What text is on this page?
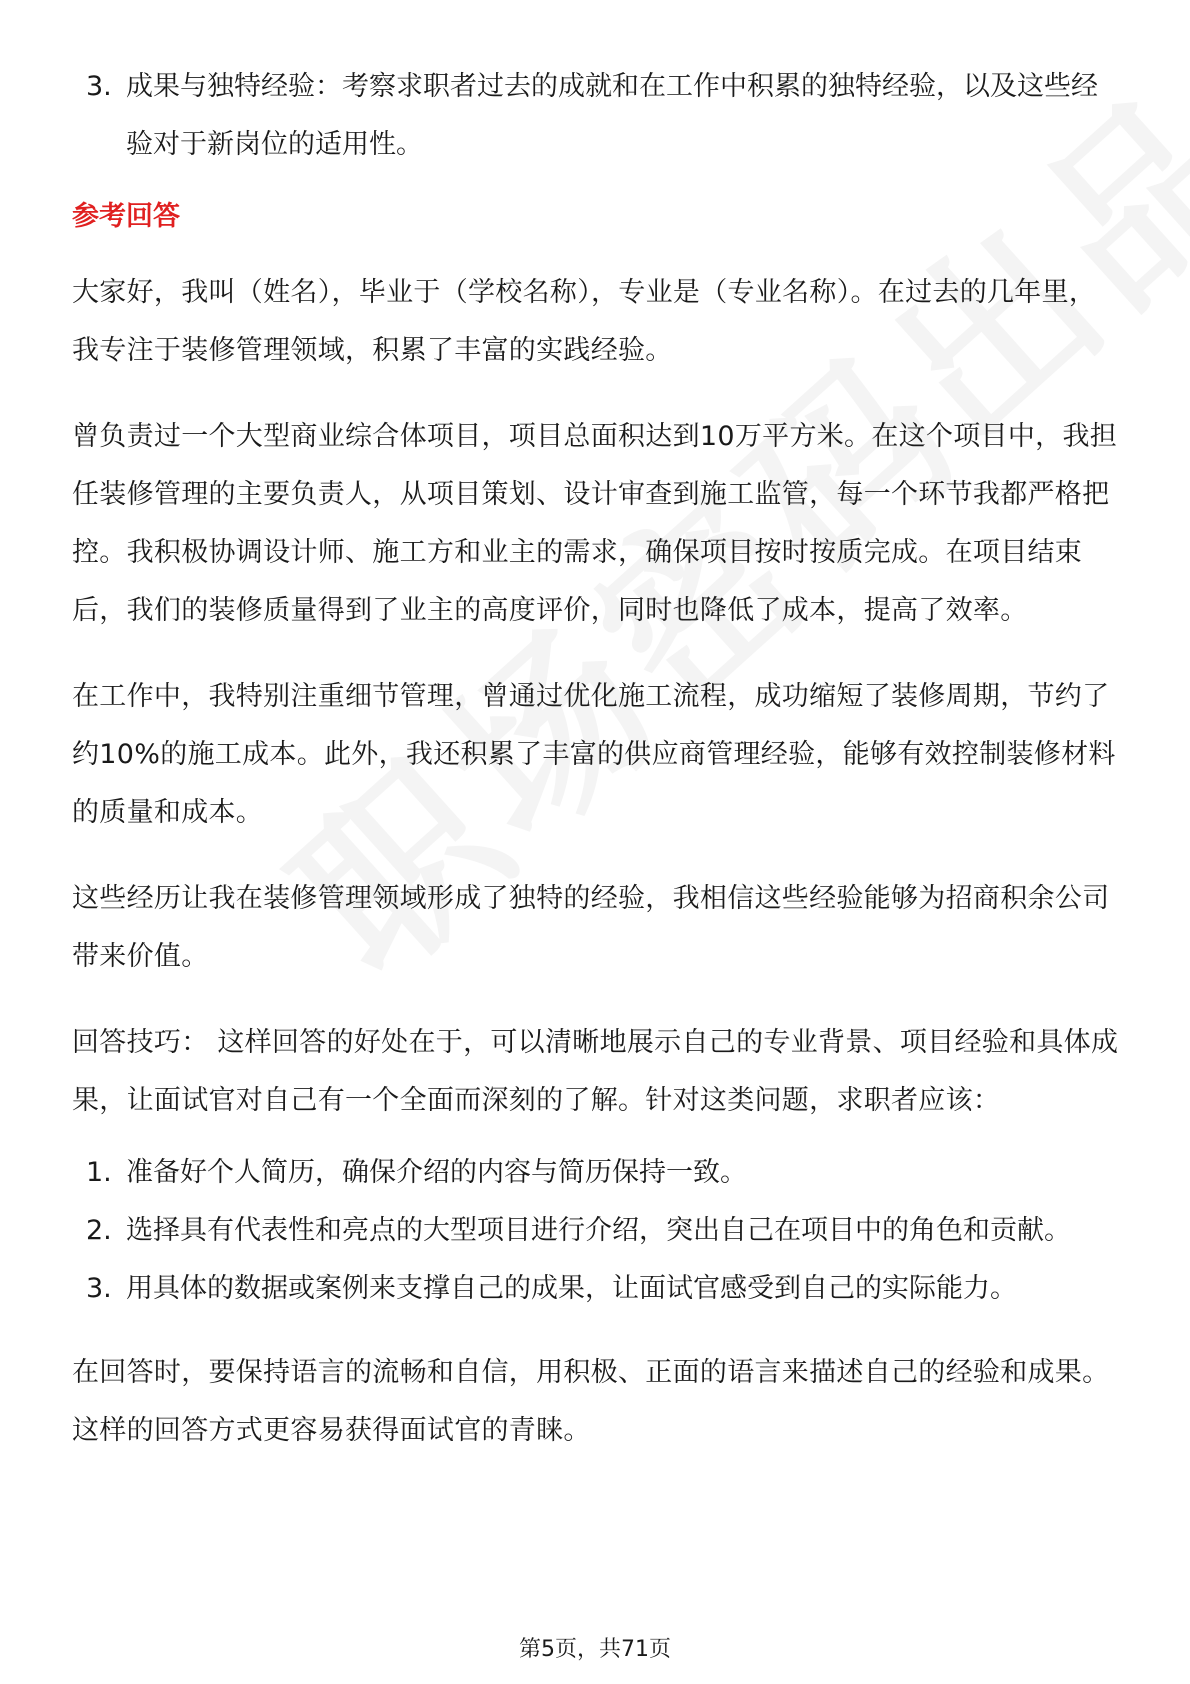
3. 成果与独特经验：考察求职者过去的成就和在工作中积累的独特经验，以及这些经验对于新岗位的适用性。
参考回答

大家好，我叫（姓名），毕业于（学校名称），专业是（专业名称）。在过去的几年里，我专注于装修管理领域，积累了丰富的实践经验。

曾负责过一个大型商业综合体项目，项目总面积达到10万平方米。在这个项目中，我担任装修管理的主要负责人，从项目策划、设计审查到施工监管，每一个环节我都严格把控。我积极协调设计师、施工方和业主的需求，确保项目按时按质完成。在项目结束后，我们的装修质量得到了业主的高度评价，同时也降低了成本，提高了效率。

在工作中，我特别注重细节管理，曾通过优化施工流程，成功缩短了装修周期，节约了约10%的施工成本。此外，我还积累了丰富的供应商管理经验，能够有效控制装修材料的质量和成本。

这些经历让我在装修管理领域形成了独特的经验，我相信这些经验能够为招商积余公司带来价值。

回答技巧： 这样回答的好处在于，可以清晰地展示自己的专业背景、项目经验和具体成果，让面试官对自己有一个全面而深刻的了解。针对这类问题，求职者应该：

1. 准备好个人简历，确保介绍的内容与简历保持一致。
2. 选择具有代表性和亮点的大型项目进行介绍，突出自己在项目中的角色和贡献。
3. 用具体的数据或案例来支撑自己的成果，让面试官感受到自己的实际能力。

在回答时，要保持语言的流畅和自信，用积极、正面的语言来描述自己的经验和成果。这样的回答方式更容易获得面试官的青睐。

第5页，共71页
